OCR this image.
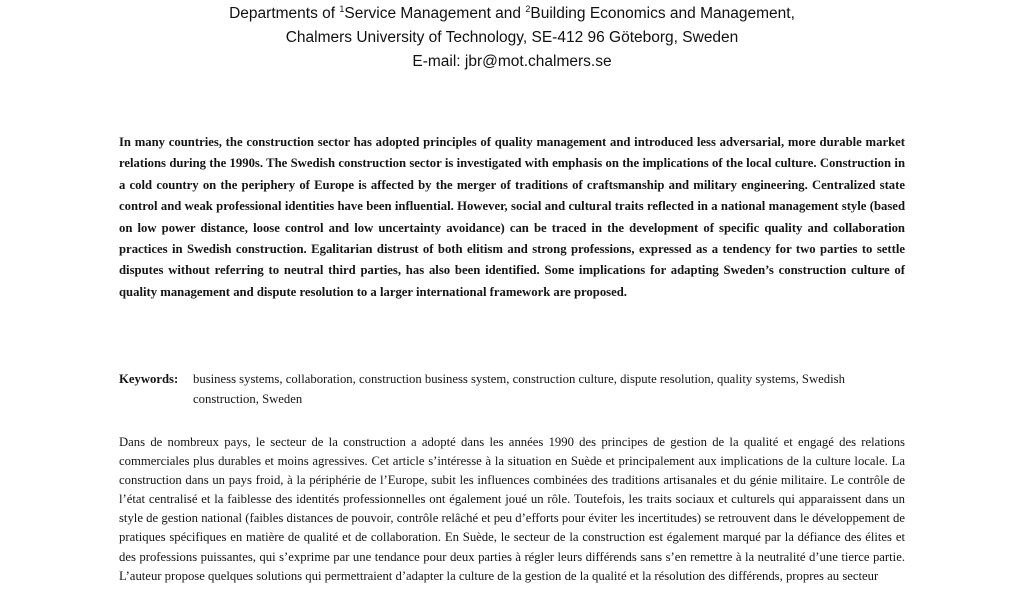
Departments of $^1$Service Management and $^2$Building Economics and Management,
Chalmers University of Technology, SE-412 96 Göteborg, Sweden
E-mail: jbr@mot.chalmers.se
In many countries, the construction sector has adopted principles of quality management and introduced less adversarial, more durable market relations during the 1990s. The Swedish construction sector is investigated with emphasis on the implications of the local culture. Construction in a cold country on the periphery of Europe is affected by the merger of traditions of craftsmanship and military engineering. Centralized state control and weak professional identities have been influential. However, social and cultural traits reflected in a national management style (based on low power distance, loose control and low uncertainty avoidance) can be traced in the development of specific quality and collaboration practices in Swedish construction. Egalitarian distrust of both elitism and strong professions, expressed as a tendency for two parties to settle disputes without referring to neutral third parties, has also been identified. Some implications for adapting Sweden’s construction culture of quality management and dispute resolution to a larger international framework are proposed.
Keywords:	business systems, collaboration, construction business system, construction culture, dispute resolution, quality systems, Swedish construction, Sweden
Dans de nombreux pays, le secteur de la construction a adopté dans les années 1990 des principes de gestion de la qualité et engagé des relations commerciales plus durables et moins agressives. Cet article s’intéresse à la situation en Suède et principalement aux implications de la culture locale. La construction dans un pays froid, à la périphérie de l’Europe, subit les influences combinées des traditions artisanales et du génie militaire. Le contrôle de l’état centralisé et la faiblesse des identités professionnelles ont également joué un rôle. Toutefois, les traits sociaux et culturels qui apparaissent dans un style de gestion national (faibles distances de pouvoir, contrôle relâché et peu d’efforts pour éviter les incertitudes) se retrouvent dans le développement de pratiques spécifiques en matière de qualité et de collaboration. En Suède, le secteur de la construction est également marqué par la défiance des élites et des professions puissantes, qui s’exprime par une tendance pour deux parties à régler leurs différends sans s’en remettre à la neutralité d’une tierce partie. L’auteur propose quelques solutions qui permettraient d’adapter la culture de la gestion de la qualité et la résolution des différends, propres au secteur
